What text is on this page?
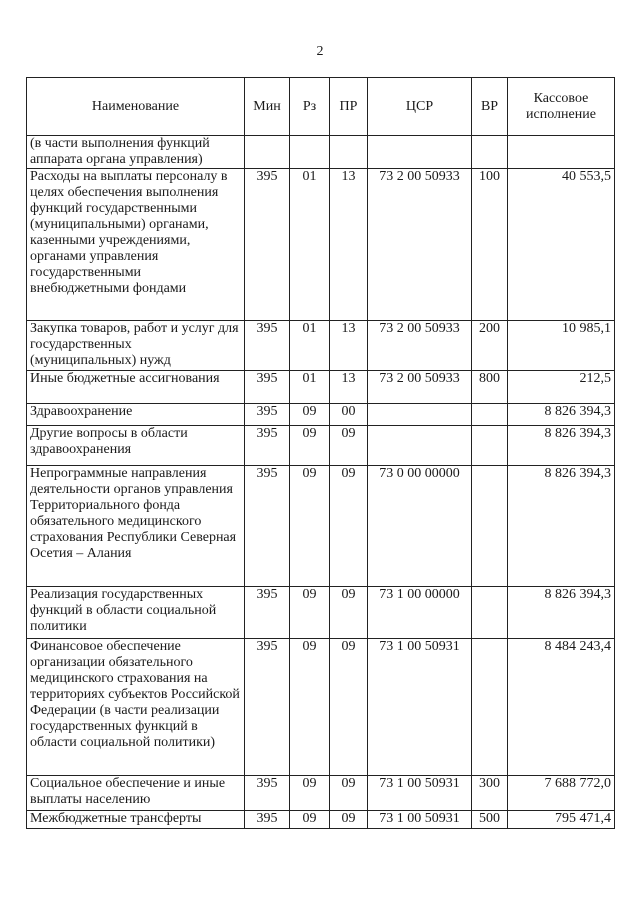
2
Наименование	Мин	Рз	ПР	ЦСР	ВР	Кассовое исполнение
(в части выполнения функций аппарата органа управления)						
Расходы на выплаты персоналу в целях обеспечения выполнения функций государственными (муниципальными) органами, казенными учреждениями, органами управления государственными внебюджетными фондами	395	01	13	73 2 00 50933	100	40 553,5
Закупка товаров, работ и услуг для государственных (муниципальных) нужд	395	01	13	73 2 00 50933	200	10 985,1
Иные бюджетные ассигнования	395	01	13	73 2 00 50933	800	212,5
Здравоохранение	395	09	00			8 826 394,3
Другие вопросы в области здравоохранения	395	09	09			8 826 394,3
Непрограммные направления деятельности органов управления Территориального фонда обязательного медицинского страхования Республики Северная Осетия – Алания	395	09	09	73 0 00 00000		8 826 394,3
Реализация государственных функций в области социальной политики	395	09	09	73 1 00 00000		8 826 394,3
Финансовое обеспечение организации обязательного медицинского страхования на территориях субъектов Российской Федерации (в части реализации государственных функций в области социальной политики)	395	09	09	73 1 00 50931		8 484 243,4
Социальное обеспечение и иные выплаты населению	395	09	09	73 1 00 50931	300	7 688 772,0
Межбюджетные трансферты	395	09	09	73 1 00 50931	500	795 471,4
